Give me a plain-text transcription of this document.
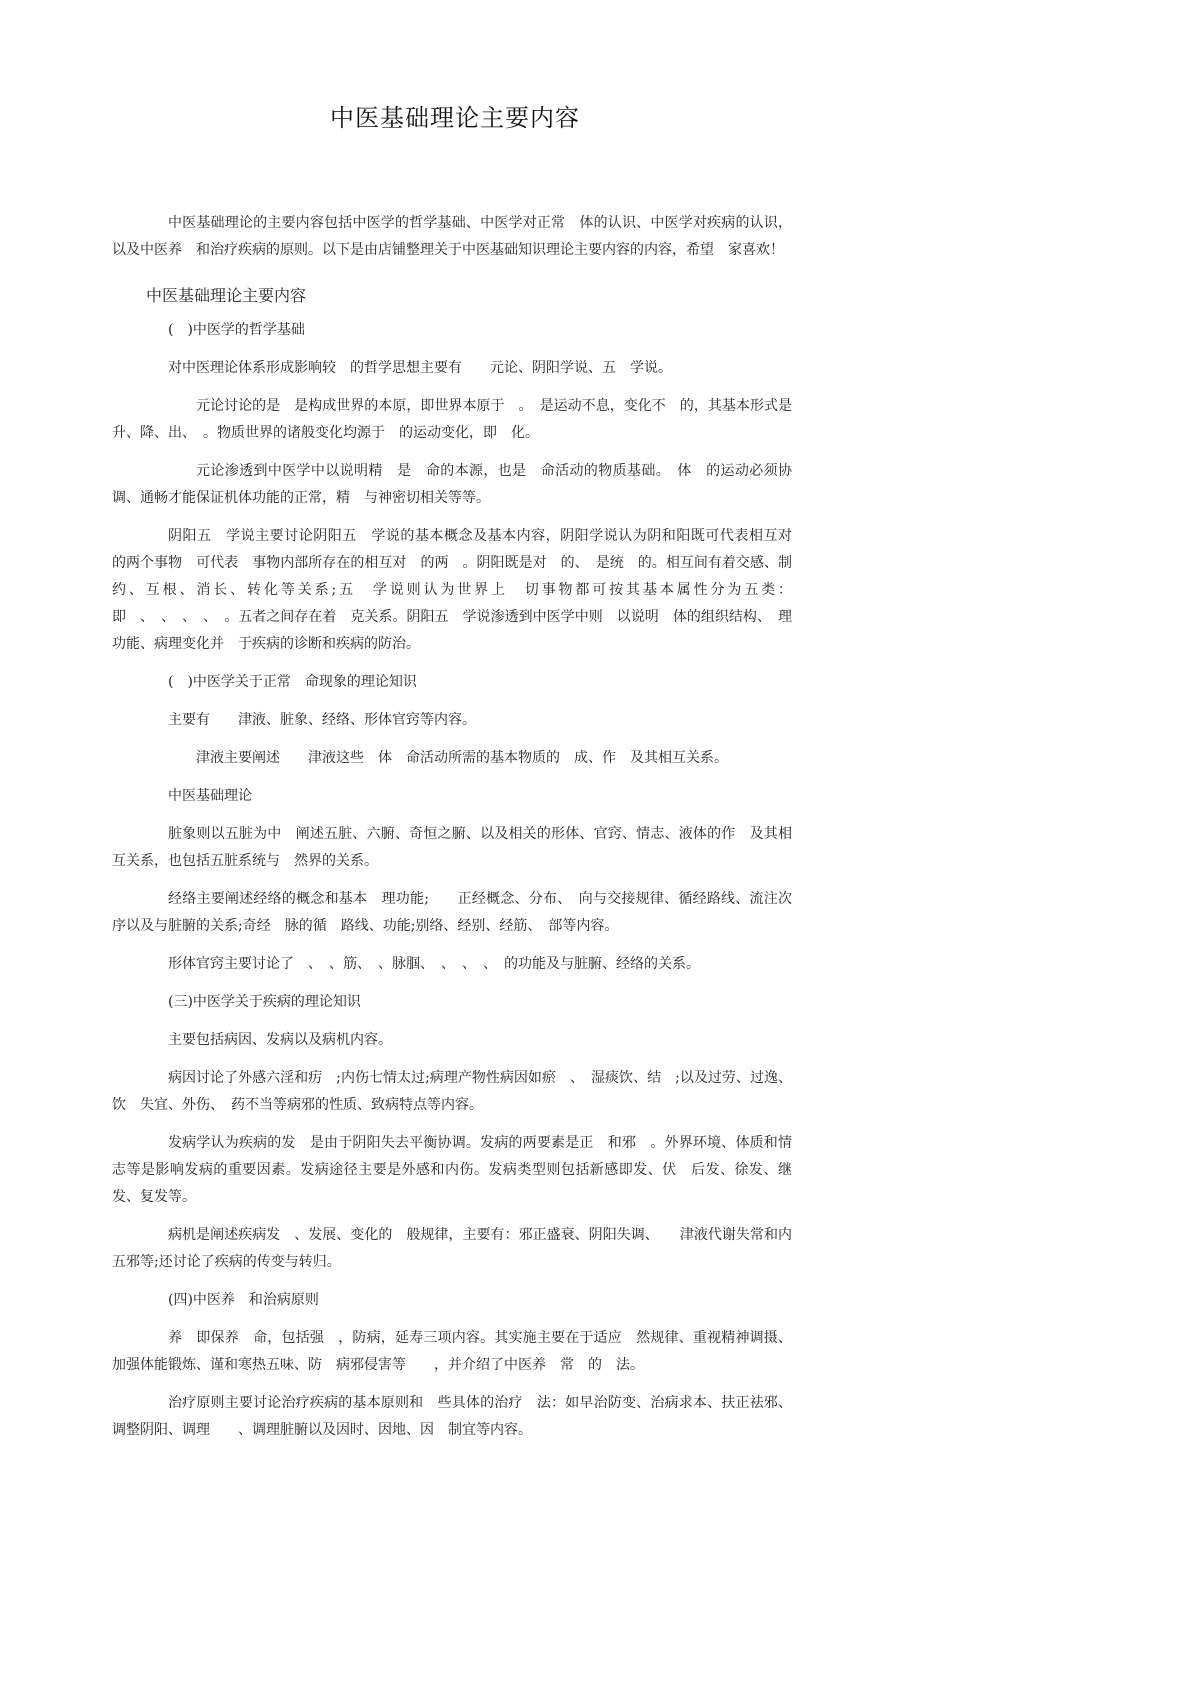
中医基础理论主要内容

中医基础理论的主要内容包括中医学的哲学基础、中医学对正常　体的认识、中医学对疾病的认识，以及中医养　和治疗疾病的原则。以下是由店铺整理关于中医基础知识理论主要内容的内容，希望　家喜欢！

中医基础理论主要内容

(　)中医学的哲学基础

对中医理论体系形成影响较　的哲学思想主要有　　元论、阴阳学说、五　学说。

元论讨论的是　是构成世界的本原，即世界本原于　。　是运动不息，变化不　的，其基本形式是升、降、出、　。物质世界的诸般变化均源于　的运动变化，即　化。

元论渗透到中医学中以说明精　是　命的本源，也是　命活动的物质基础。　体　的运动必须协调、通畅才能保证机体功能的正常，精　与神密切相关等等。

阴阳五　学说主要讨论阴阳五　学说的基本概念及基本内容，阴阳学说认为阴和阳既可代表相互对　的两个事物　可代表　事物内部所存在的相互对　的两　。阴阳既是对　的、　是统　的。相互间有着交感、制约、互根、消长、转化等关系;五　学说则认为世界上　切事物都可按其基本属性分为五类：即　、　、　、　、　。五者之间存在着　克关系。阴阳五　学说渗透到中医学中则　以说明　体的组织结构、　理功能、病理变化并　于疾病的诊断和疾病的防治。

(　)中医学关于正常　命现象的理论知识

主要有　　津液、脏象、经络、形体官窍等内容。

津液主要阐述　　津液这些　体　命活动所需的基本物质的　成、作　及其相互关系。

中医基础理论

脏象则以五脏为中　阐述五脏、六腑、奇恒之腑、以及相关的形体、官窍、情志、液体的作　及其相互关系，也包括五脏系统与　然界的关系。

经络主要阐述经络的概念和基本　理功能;　　正经概念、分布、　向与交接规律、循经路线、流注次序以及与脏腑的关系;奇经　脉的循　路线、功能;别络、经别、经筋、　部等内容。

形体官窍主要讨论了　、　、筋、　、脉腘、　、　、　、　的功能及与脏腑、经络的关系。

(三)中医学关于疾病的理论知识

主要包括病因、发病以及病机内容。

病因讨论了外感六淫和疠　;内伤七情太过;病理产物性病因如瘀　、　湿痰饮、结　;以及过劳、过逸、饮　失宜、外伤、　药不当等病邪的性质、致病特点等内容。

发病学认为疾病的发　是由于阴阳失去平衡协调。发病的两要素是正　和邪　。外界环境、体质和情志等是影响发病的重要因素。发病途径主要是外感和内伤。发病类型则包括新感即发、伏　后发、徐发、继发、复发等。

病机是阐述疾病发　、发展、变化的　般规律，主要有：邪正盛衰、阴阳失调、　　津液代谢失常和内　五邪等;还讨论了疾病的传变与转归。

(四)中医养　和治病原则

养　即保养　命，包括强　，防病，延寿三项内容。其实施主要在于适应　然规律、重视精神调摄、加强体能锻炼、谨和寒热五味、防　病邪侵害等　　，并介绍了中医养　常　的　法。

治疗原则主要讨论治疗疾病的基本原则和　些具体的治疗　法：如早治防变、治病求本、扶正祛邪、调整阴阳、调理　　、调理脏腑以及因时、因地、因　制宜等内容。
